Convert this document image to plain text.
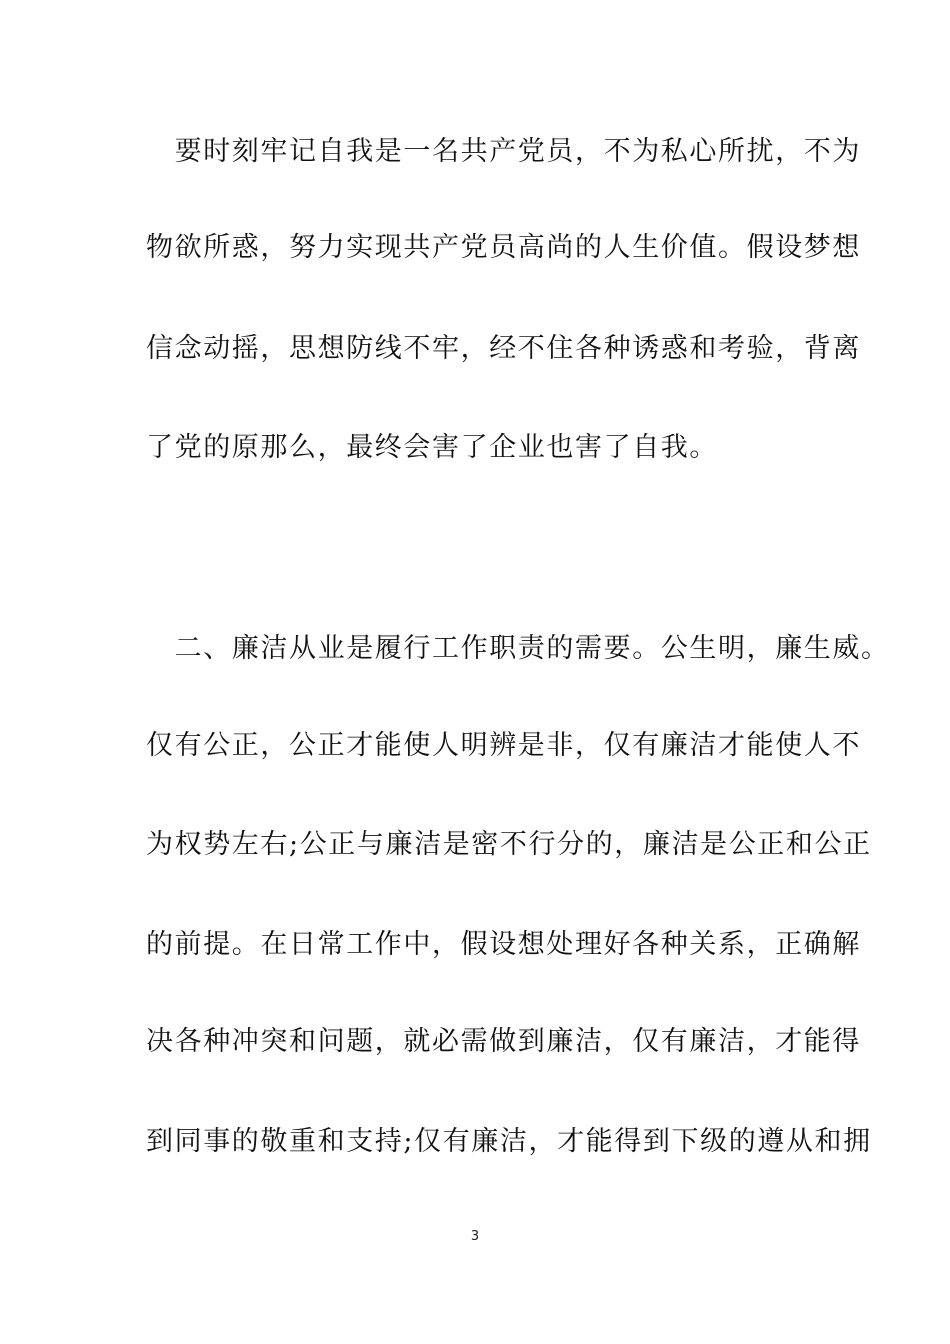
　要时刻牢记自我是一名共产党员，不为私心所扰，不为
物欲所惑，努力实现共产党员高尚的人生价值。假设梦想
信念动摇，思想防线不牢，经不住各种诱惑和考验，背离
了党的原那么，最终会害了企业也害了自我。
　二、廉洁从业是履行工作职责的需要。公生明，廉生威。
仅有公正，公正才能使人明辨是非，仅有廉洁才能使人不
为权势左右;公正与廉洁是密不行分的，廉洁是公正和公正
的前提。在日常工作中，假设想处理好各种关系，正确解
决各种冲突和问题，就必需做到廉洁，仅有廉洁，才能得
到同事的敬重和支持;仅有廉洁，才能得到下级的遵从和拥
3
